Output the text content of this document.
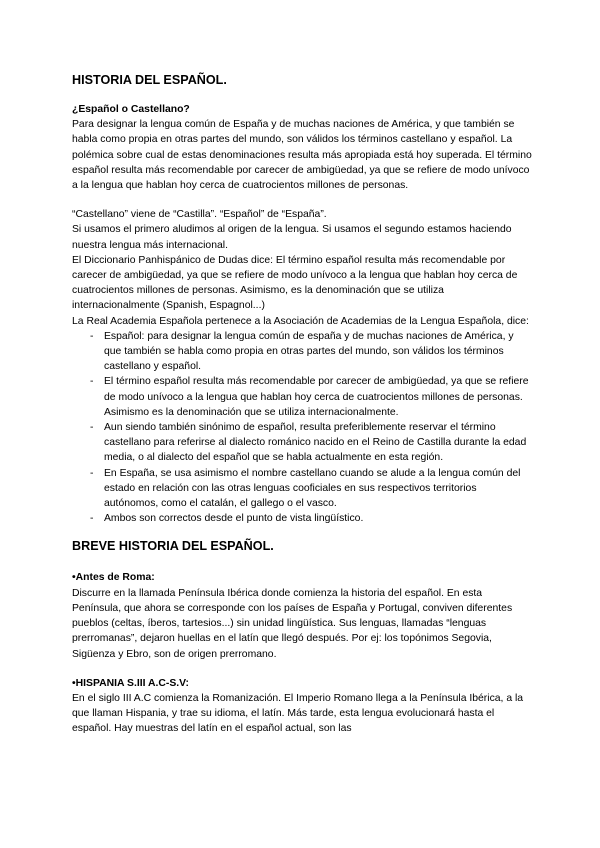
HISTORIA DEL ESPAÑOL.
¿Español o Castellano?

Para designar la lengua común de España y de muchas naciones de América, y que también se habla como propia en otras partes del mundo, son válidos los términos castellano y español. La polémica sobre cual de estas denominaciones resulta más apropiada está hoy superada. El término español resulta más recomendable por carecer de ambigüedad, ya que se refiere de modo unívoco a la lengua que hablan hoy cerca de cuatrocientos millones de personas.

“Castellano” viene de “Castilla”. “Español” de “España”.

Si usamos el primero aludimos al origen de la lengua. Si usamos el segundo estamos haciendo nuestra lengua más internacional.

El Diccionario Panhispánico de Dudas dice: El término español resulta más recomendable por carecer de ambigüedad, ya que se refiere de modo unívoco a la lengua que hablan hoy cerca de cuatrocientos millones de personas. Asimismo, es la denominación que se utiliza internacionalmente (Spanish, Espagnol...)

La Real Academia Española pertenece a la Asociación de Academias de la Lengua Española, dice:

- Español: para designar la lengua común de españa y de muchas naciones de América, y que también se habla como propia en otras partes del mundo, son válidos los términos castellano y español.
- El término español resulta más recomendable por carecer de ambigüedad, ya que se refiere de modo unívoco a la lengua que hablan hoy cerca de cuatrocientos millones de personas. Asimismo es la denominación que se utiliza internacionalmente.
- Aun siendo también sinónimo de español, resulta preferiblemente reservar el término castellano para referirse al dialecto románico nacido en el Reino de Castilla durante la edad media, o al dialecto del español que se habla actualmente en esta región.
- En España, se usa asimismo el nombre castellano cuando se alude a la lengua común del estado en relación con las otras lenguas cooficiales en sus respectivos territorios autónomos, como el catalán, el gallego o el vasco.
- Ambos son correctos desde el punto de vista lingüístico.
BREVE HISTORIA DEL ESPAÑOL.
•Antes de Roma:

Discurre en la llamada Península Ibérica donde comienza la historia del español. En esta Península, que ahora se corresponde con los países de España y Portugal, conviven diferentes pueblos (celtas, íberos, tartesios...) sin unidad lingüística. Sus lenguas, llamadas “lenguas prerromanas”, dejaron huellas en el latín que llegó después. Por ej: los topónimos Segovia, Sigüenza y Ebro, son de origen prerromano.

•HISPANIA S.III A.C-S.V:

En el siglo III A.C comienza la Romanización. El Imperio Romano llega a la Península Ibérica, a la que llaman Hispania, y trae su idioma, el latín. Más tarde, esta lengua evolucionará hasta el español. Hay muestras del latín en el español actual, son las
